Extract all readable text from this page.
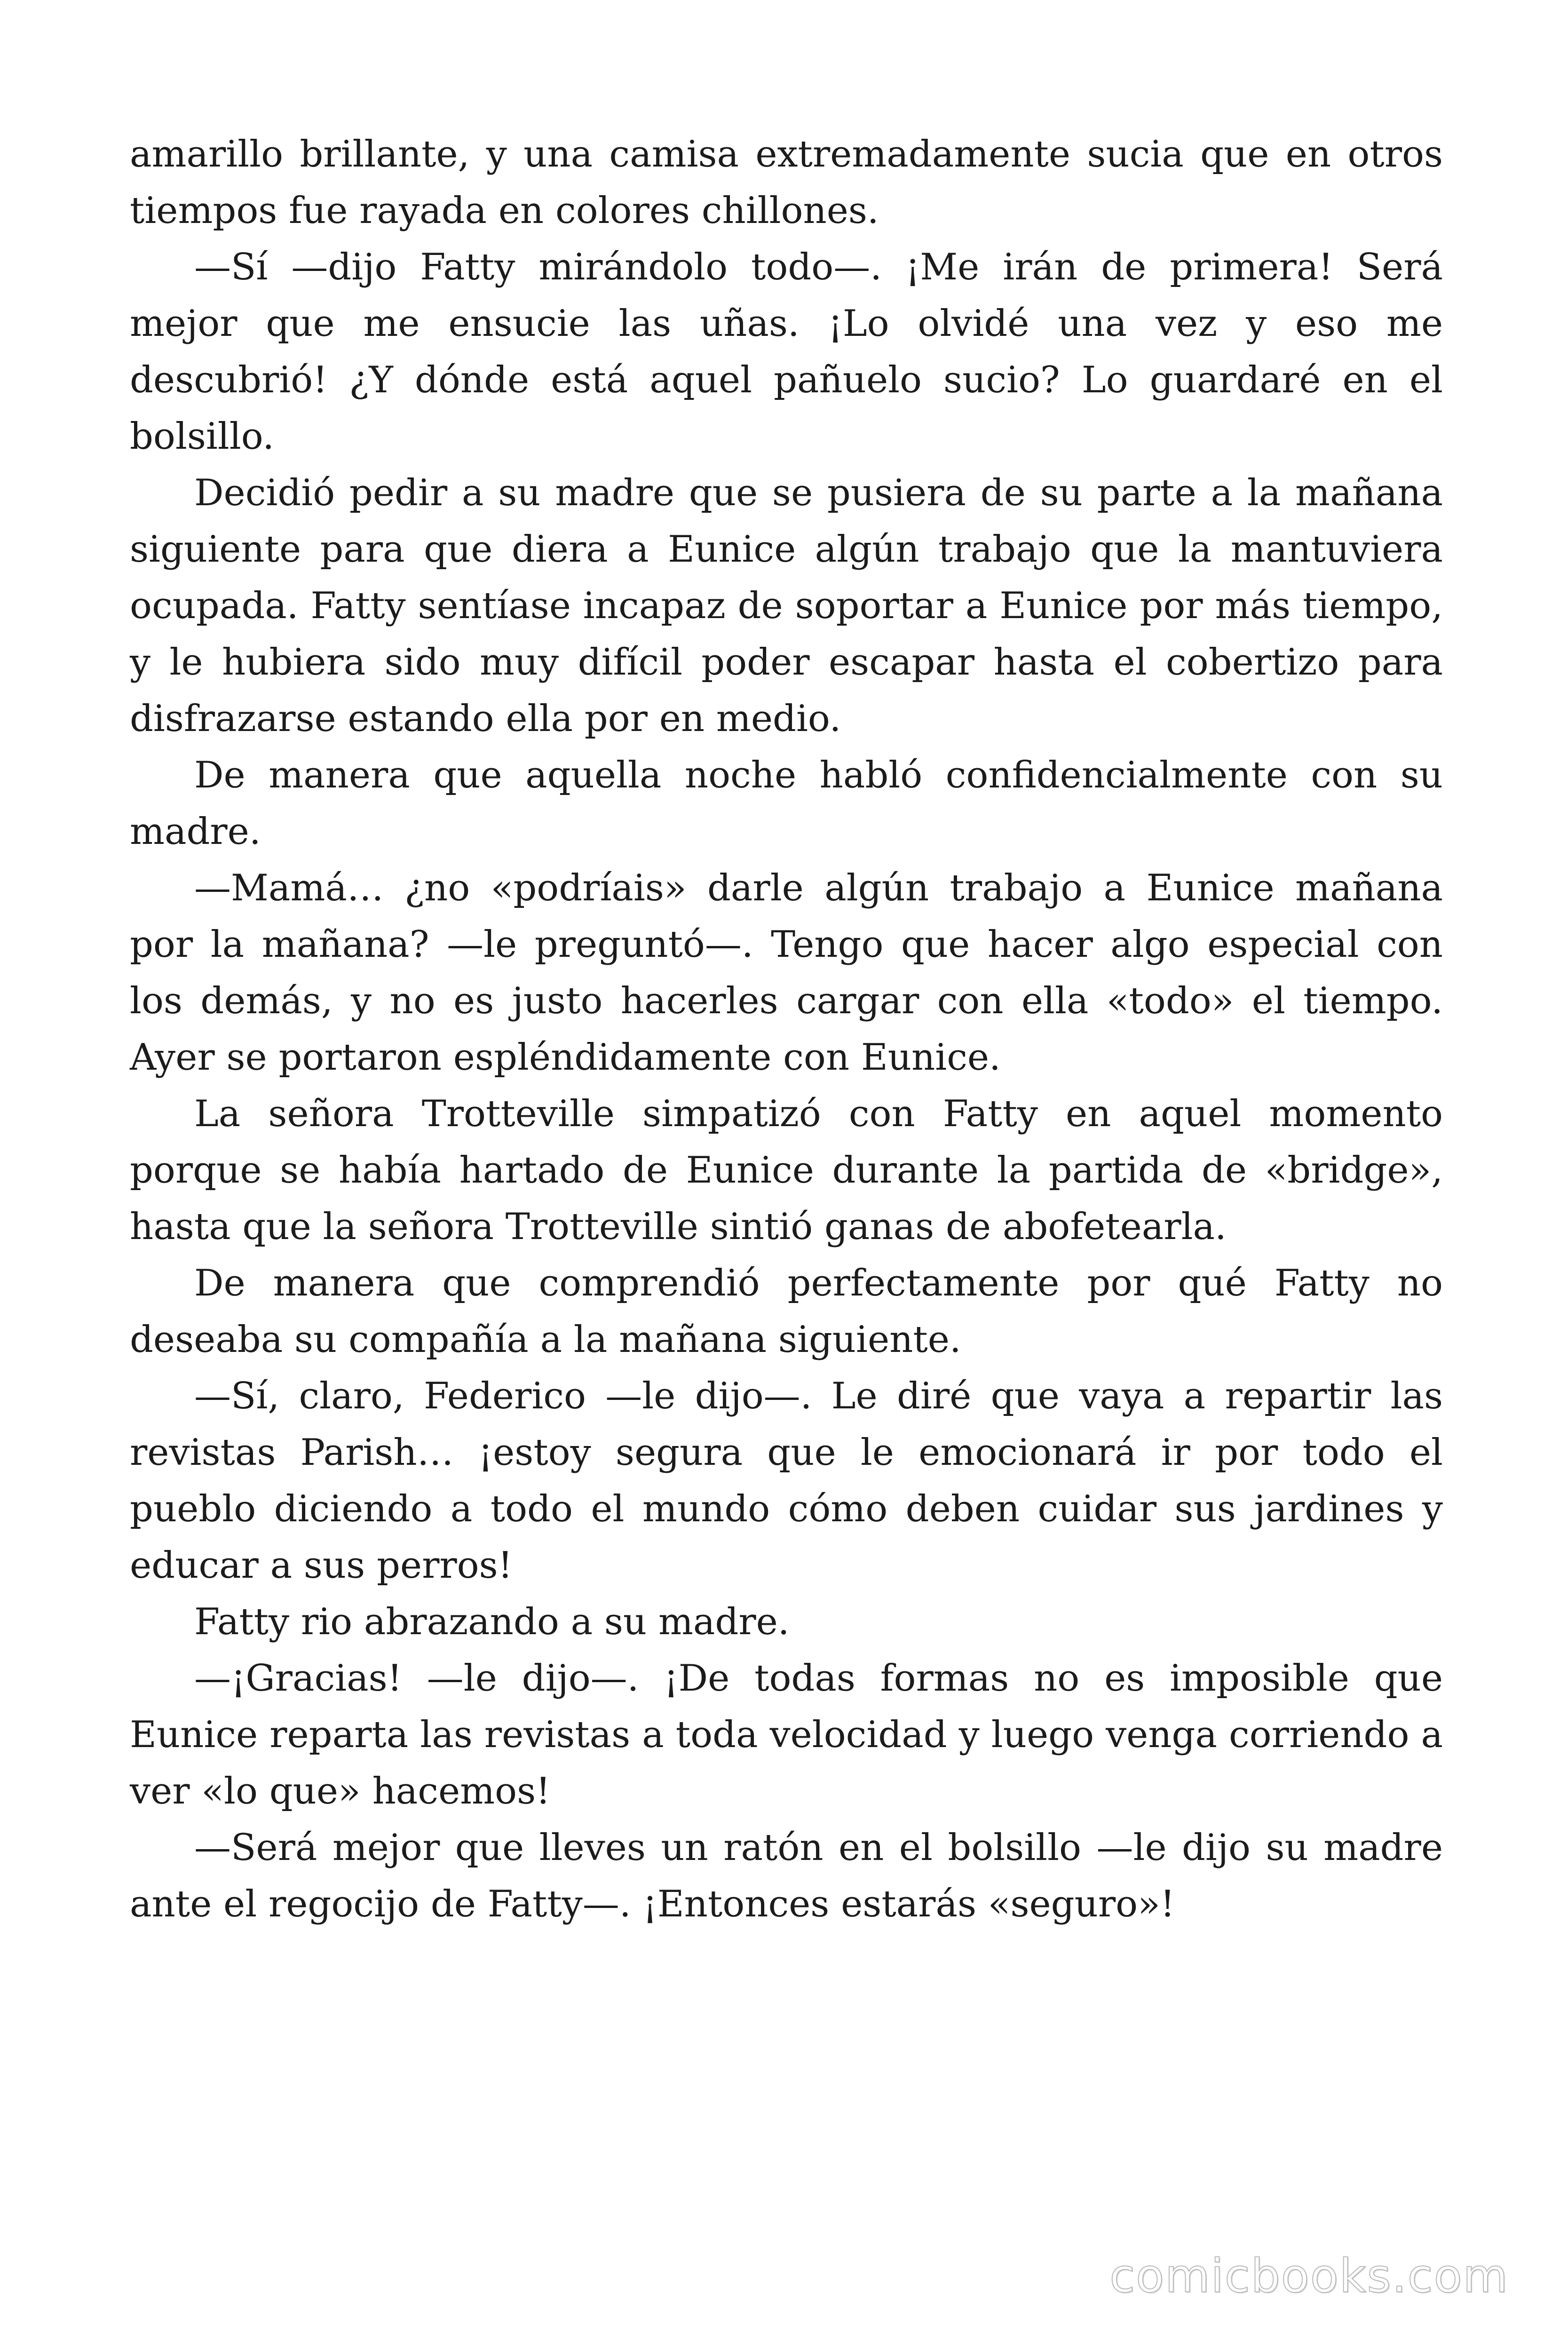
amarillo brillante, y una camisa extremadamente sucia que en otros tiempos fue rayada en colores chillones.

—Sí —dijo Fatty mirándolo todo—. ¡Me irán de primera! Será mejor que me ensucie las uñas. ¡Lo olvidé una vez y eso me descubrió! ¿Y dónde está aquel pañuelo sucio? Lo guardaré en el bolsillo.

Decidió pedir a su madre que se pusiera de su parte a la mañana siguiente para que diera a Eunice algún trabajo que la mantuviera ocupada. Fatty sentíase incapaz de soportar a Eunice por más tiempo, y le hubiera sido muy difícil poder escapar hasta el cobertizo para disfrazarse estando ella por en medio.

De manera que aquella noche habló confidencialmente con su madre.

—Mamá… ¿no «podríais» darle algún trabajo a Eunice mañana por la mañana? —le preguntó—. Tengo que hacer algo especial con los demás, y no es justo hacerles cargar con ella «todo» el tiempo. Ayer se portaron espléndidamente con Eunice.

La señora Trotteville simpatizó con Fatty en aquel momento porque se había hartado de Eunice durante la partida de «bridge», hasta que la señora Trotteville sintió ganas de abofetearla.

De manera que comprendió perfectamente por qué Fatty no deseaba su compañía a la mañana siguiente.

—Sí, claro, Federico —le dijo—. Le diré que vaya a repartir las revistas Parish… ¡estoy segura que le emocionará ir por todo el pueblo diciendo a todo el mundo cómo deben cuidar sus jardines y educar a sus perros!

Fatty rio abrazando a su madre.

—¡Gracias! —le dijo—. ¡De todas formas no es imposible que Eunice reparta las revistas a toda velocidad y luego venga corriendo a ver «lo que» hacemos!

—Será mejor que lleves un ratón en el bolsillo —le dijo su madre ante el regocijo de Fatty—. ¡Entonces estarás «seguro»!

comicbooks.com
